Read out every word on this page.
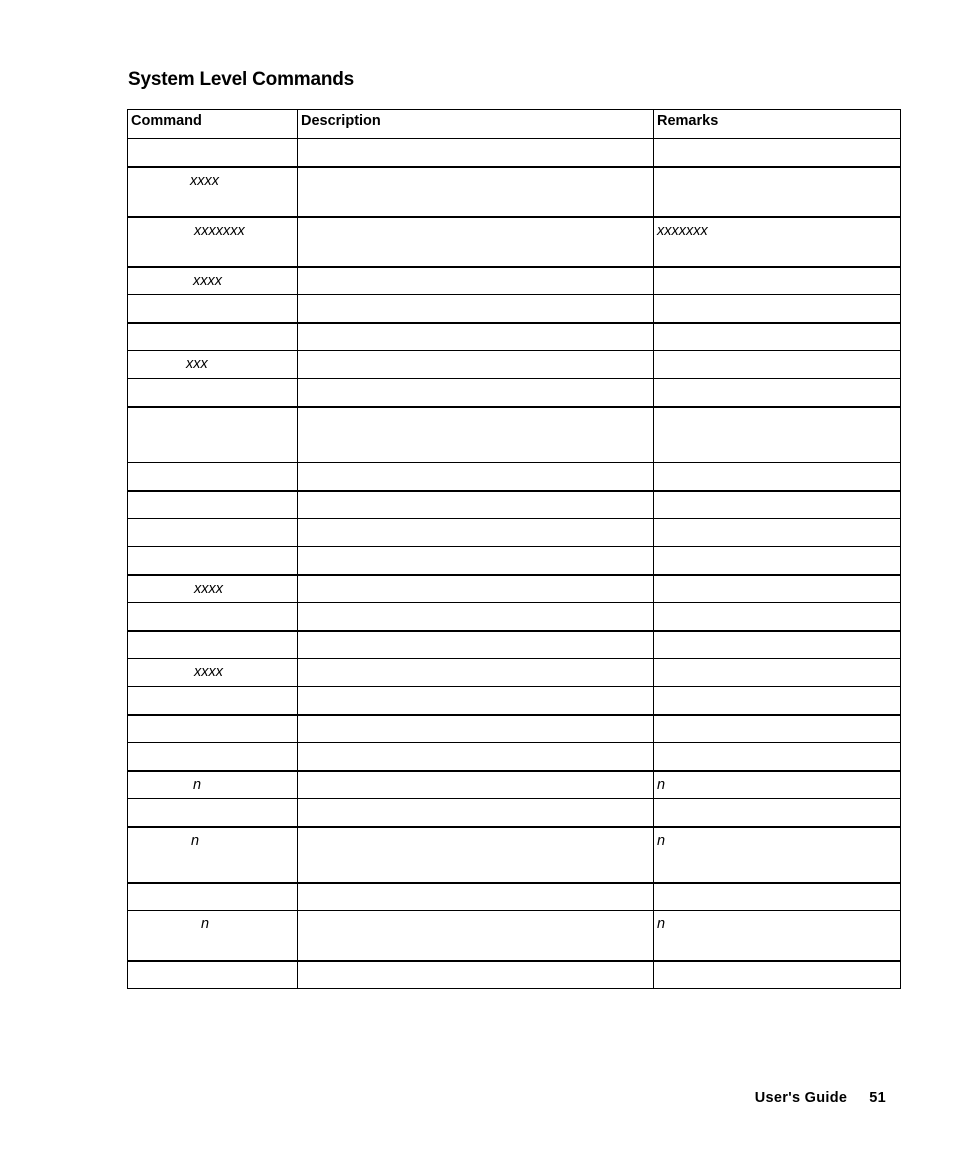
System Level Commands
Command	Description	Remarks

xxxx		
xxxxxxx		xxxxxxx
xxxx		

xxx		

xxxx		

xxxx		

n		n

n		n

n		n

User's Guide 51
